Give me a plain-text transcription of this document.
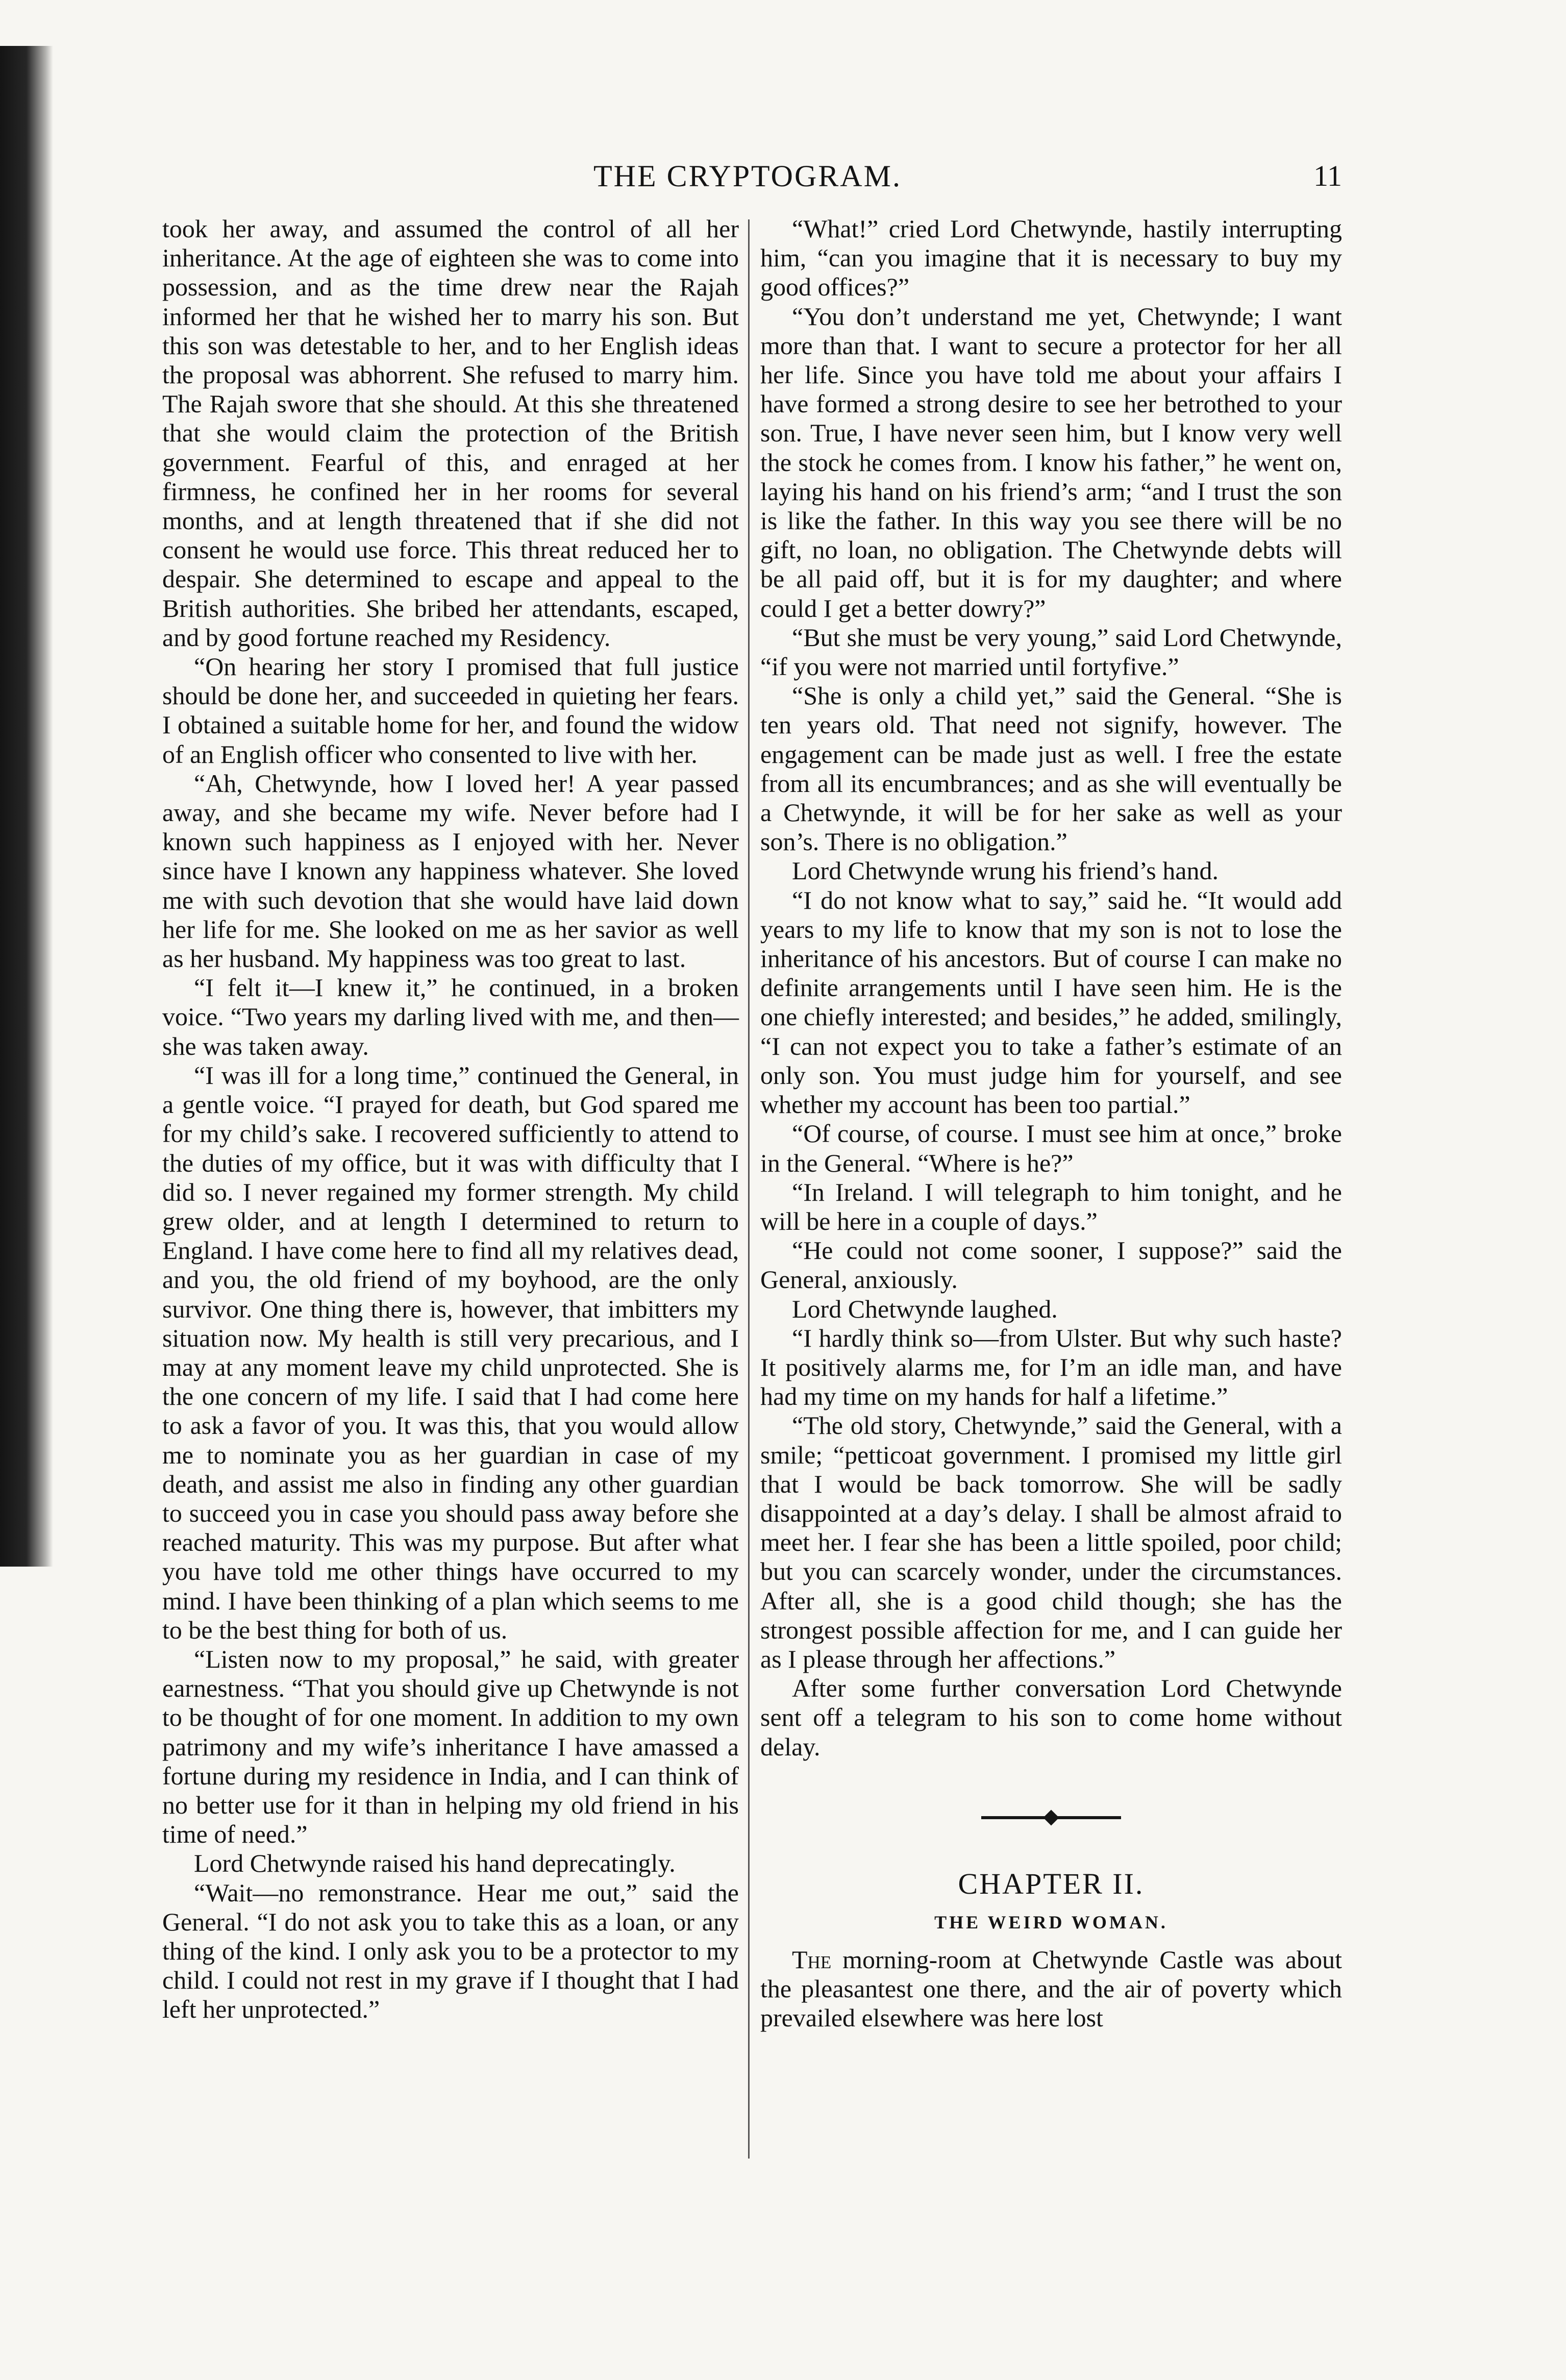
THE CRYPTOGRAM.	11

took her away, and assumed the control of all her inheritance. At the age of eighteen she was to come into possession, and as the time drew near the Rajah informed her that he wished her to marry his son. But this son was detestable to her, and to her English ideas the proposal was abhorrent. She refused to marry him. The Rajah swore that she should. At this she threatened that she would claim the protection of the British government. Fearful of this, and enraged at her firmness, he confined her in her rooms for several months, and at length threatened that if she did not consent he would use force. This threat reduced her to despair. She determined to escape and appeal to the British authorities. She bribed her attendants, escaped, and by good fortune reached my Residency.

“On hearing her story I promised that full justice should be done her, and succeeded in quieting her fears. I obtained a suitable home for her, and found the widow of an English officer who consented to live with her.

“Ah, Chetwynde, how I loved her! A year passed away, and she became my wife. Never before had I known such happiness as I enjoyed with her. Never since have I known any happiness whatever. She loved me with such devotion that she would have laid down her life for me. She looked on me as her savior as well as her husband. My happiness was too great to last.

“I felt it—I knew it,” he continued, in a broken voice. “Two years my darling lived with me, and then—she was taken away.

“I was ill for a long time,” continued the General, in a gentle voice. “I prayed for death, but God spared me for my child’s sake. I recovered sufficiently to attend to the duties of my office, but it was with difficulty that I did so. I never regained my former strength. My child grew older, and at length I determined to return to England. I have come here to find all my relatives dead, and you, the old friend of my boyhood, are the only survivor. One thing there is, however, that imbitters my situation now. My health is still very precarious, and I may at any moment leave my child unprotected. She is the one concern of my life. I said that I had come here to ask a favor of you. It was this, that you would allow me to nominate you as her guardian in case of my death, and assist me also in finding any other guardian to succeed you in case you should pass away before she reached maturity. This was my purpose. But after what you have told me other things have occurred to my mind. I have been thinking of a plan which seems to me to be the best thing for both of us.

“Listen now to my proposal,” he said, with greater earnestness. “That you should give up Chetwynde is not to be thought of for one moment. In addition to my own patrimony and my wife’s inheritance I have amassed a fortune during my residence in India, and I can think of no better use for it than in helping my old friend in his time of need.”

Lord Chetwynde raised his hand deprecatingly.

“Wait—no remonstrance. Hear me out,” said the General. “I do not ask you to take this as a loan, or any thing of the kind. I only ask you to be a protector to my child. I could not rest in my grave if I thought that I had left her unprotected.”

“What!” cried Lord Chetwynde, hastily interrupting him, “can you imagine that it is necessary to buy my good offices?”

“You don’t understand me yet, Chetwynde; I want more than that. I want to secure a protector for her all her life. Since you have told me about your affairs I have formed a strong desire to see her betrothed to your son. True, I have never seen him, but I know very well the stock he comes from. I know his father,” he went on, laying his hand on his friend’s arm; “and I trust the son is like the father. In this way you see there will be no gift, no loan, no obligation. The Chetwynde debts will be all paid off, but it is for my daughter; and where could I get a better dowry?”

“But she must be very young,” said Lord Chetwynde, “if you were not married until fortyfive.”

“She is only a child yet,” said the General. “She is ten years old. That need not signify, however. The engagement can be made just as well. I free the estate from all its encumbrances; and as she will eventually be a Chetwynde, it will be for her sake as well as your son’s. There is no obligation.”

Lord Chetwynde wrung his friend’s hand.

“I do not know what to say,” said he. “It would add years to my life to know that my son is not to lose the inheritance of his ancestors. But of course I can make no definite arrangements until I have seen him. He is the one chiefly interested; and besides,” he added, smilingly, “I can not expect you to take a father’s estimate of an only son. You must judge him for yourself, and see whether my account has been too partial.”

“Of course, of course. I must see him at once,” broke in the General. “Where is he?”

“In Ireland. I will telegraph to him tonight, and he will be here in a couple of days.”

“He could not come sooner, I suppose?” said the General, anxiously.

Lord Chetwynde laughed.

“I hardly think so—from Ulster. But why such haste? It positively alarms me, for I’m an idle man, and have had my time on my hands for half a lifetime.”

“The old story, Chetwynde,” said the General, with a smile; “petticoat government. I promised my little girl that I would be back tomorrow. She will be sadly disappointed at a day’s delay. I shall be almost afraid to meet her. I fear she has been a little spoiled, poor child; but you can scarcely wonder, under the circumstances. After all, she is a good child though; she has the strongest possible affection for me, and I can guide her as I please through her affections.”

After some further conversation Lord Chetwynde sent off a telegram to his son to come home without delay.

CHAPTER II.
THE WEIRD WOMAN.

The morning-room at Chetwynde Castle was about the pleasantest one there, and the air of poverty which prevailed elsewhere was here lost
